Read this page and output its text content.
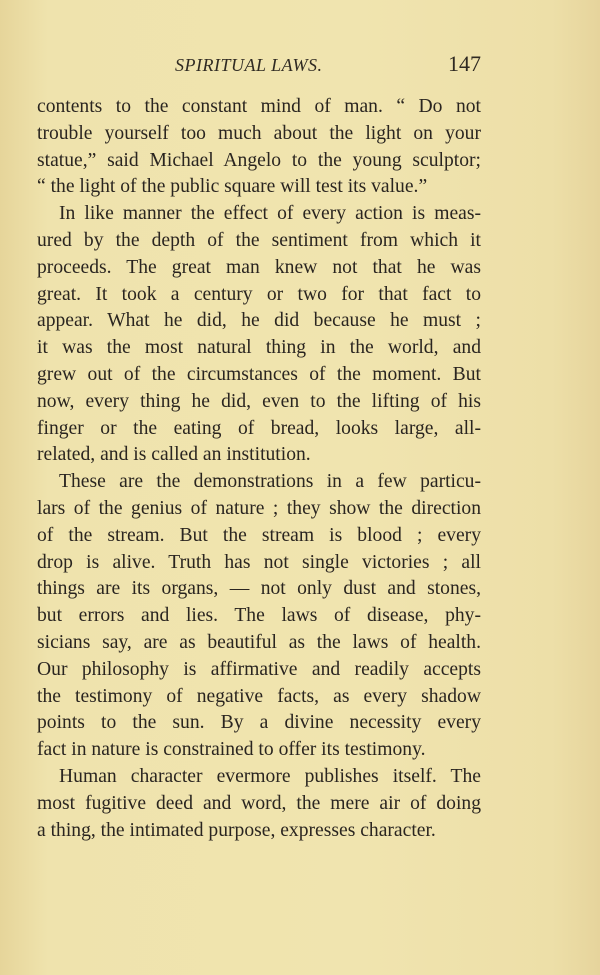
SPIRITUAL LAWS.	147
contents to the constant mind of man. “ Do not
trouble yourself too much about the light on your
statue,” said Michael Angelo to the young sculptor;
“ the light of the public square will test its value.”
In like manner the effect of every action is meas-
ured by the depth of the sentiment from which it
proceeds. The great man knew not that he was
great. It took a century or two for that fact to
appear. What he did, he did because he must ;
it was the most natural thing in the world, and
grew out of the circumstances of the moment. But
now, every thing he did, even to the lifting of his
finger or the eating of bread, looks large, all-
related, and is called an institution.
These are the demonstrations in a few particu-
lars of the genius of nature ; they show the direction
of the stream. But the stream is blood ; every
drop is alive. Truth has not single victories ; all
things are its organs, — not only dust and stones,
but errors and lies. The laws of disease, phy-
sicians say, are as beautiful as the laws of health.
Our philosophy is affirmative and readily accepts
the testimony of negative facts, as every shadow
points to the sun. By a divine necessity every
fact in nature is constrained to offer its testimony.
Human character evermore publishes itself. The
most fugitive deed and word, the mere air of doing
a thing, the intimated purpose, expresses character.
